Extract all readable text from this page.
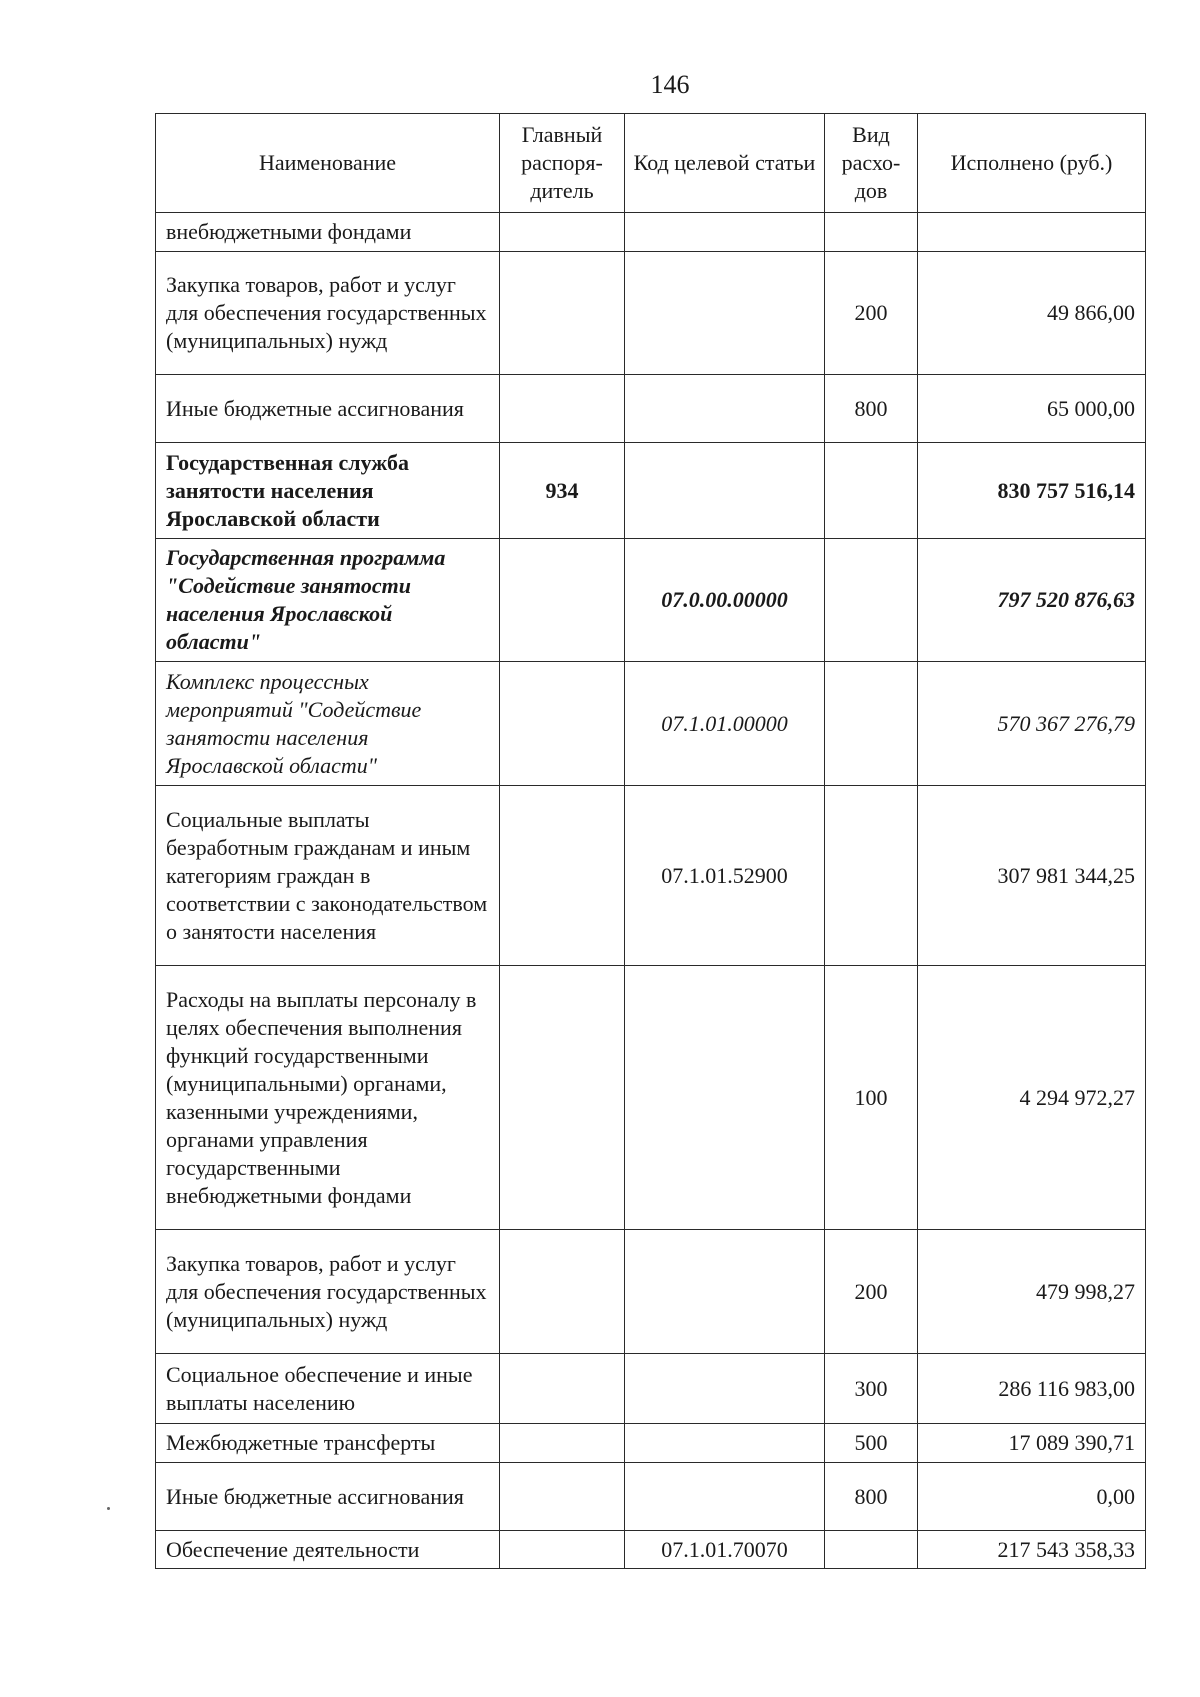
146
Наименование	Главный распоря-дитель	Код целевой статьи	Вид расхо-дов	Исполнено (руб.)
внебюджетными фондами				
Закупка товаров, работ и услуг для обеспечения государственных (муниципальных) нужд			200	49 866,00
Иные бюджетные ассигнования			800	65 000,00
Государственная служба занятости населения Ярославской области	934			830 757 516,14
Государственная программа "Содействие занятости населения Ярославской области"		07.0.00.00000		797 520 876,63
Комплекс процессных мероприятий "Содействие занятости населения Ярославской области"		07.1.01.00000		570 367 276,79
Социальные выплаты безработным гражданам и иным категориям граждан в соответствии с законодательством о занятости населения		07.1.01.52900		307 981 344,25
Расходы на выплаты персоналу в целях обеспечения выполнения функций государственными (муниципальными) органами, казенными учреждениями, органами управления государственными внебюджетными фондами			100	4 294 972,27
Закупка товаров, работ и услуг для обеспечения государственных (муниципальных) нужд			200	479 998,27
Социальное обеспечение и иные выплаты населению			300	286 116 983,00
Межбюджетные трансферты			500	17 089 390,71
Иные бюджетные ассигнования			800	0,00
Обеспечение деятельности		07.1.01.70070		217 543 358,33
